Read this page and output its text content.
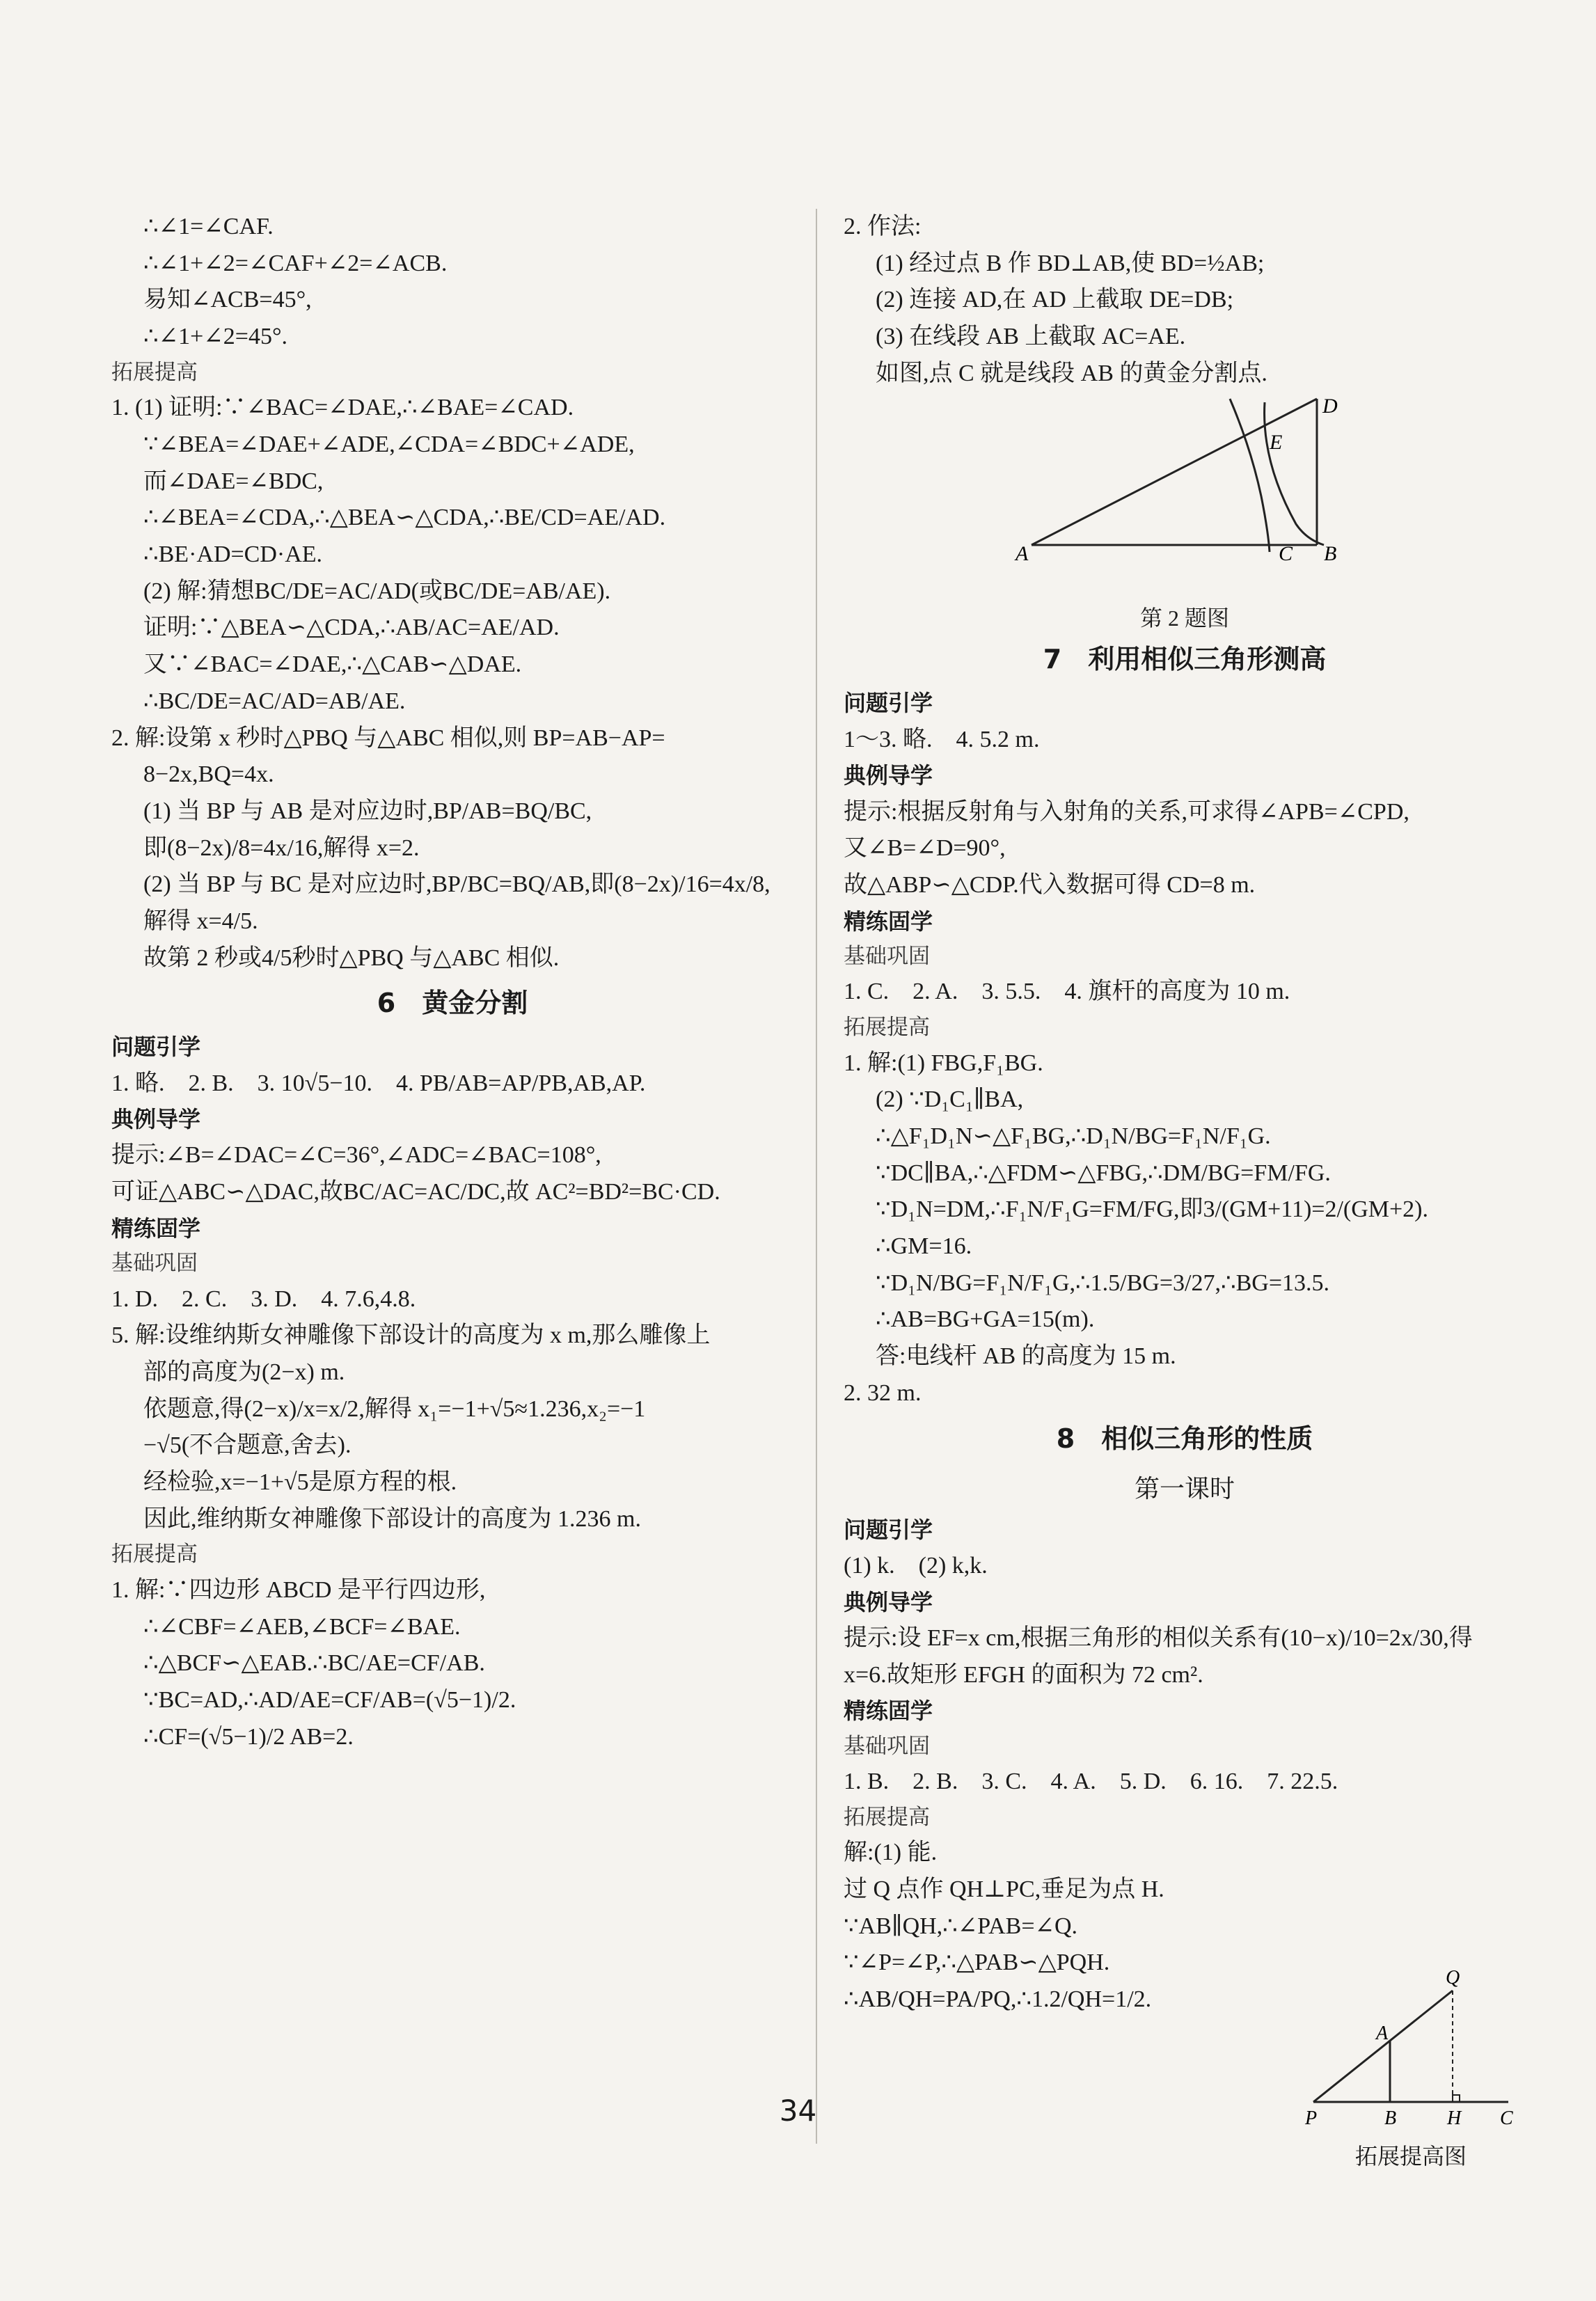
∴∠1=∠CAF.
∴∠1+∠2=∠CAF+∠2=∠ACB.
易知∠ACB=45°,
∴∠1+∠2=45°.
拓展提高
1. (1) 证明:∵∠BAC=∠DAE,∴∠BAE=∠CAD.
∵∠BEA=∠DAE+∠ADE,∠CDA=∠BDC+∠ADE,
而∠DAE=∠BDC,
∴∠BEA=∠CDA,∴△BEA∽△CDA,∴BE/CD=AE/AD.
∴BE·AD=CD·AE.
(2) 解:猜想BC/DE=AC/AD(或BC/DE=AB/AE).
证明:∵△BEA∽△CDA,∴AB/AC=AE/AD.
又∵∠BAC=∠DAE,∴△CAB∽△DAE.
∴BC/DE=AC/AD=AB/AE.
2. 解:设第 x 秒时△PBQ 与△ABC 相似,则 BP=AB−AP=
8−2x,BQ=4x.
(1) 当 BP 与 AB 是对应边时,BP/AB=BQ/BC,
即(8−2x)/8=4x/16,解得 x=2.
(2) 当 BP 与 BC 是对应边时,BP/BC=BQ/AB,即(8−2x)/16=4x/8,
解得 x=4/5.
故第 2 秒或4/5秒时△PBQ 与△ABC 相似.
6　黄金分割
问题引学
1. 略.　2. B.　3. 10√5−10.　4. PB/AB=AP/PB,AB,AP.
典例导学
提示:∠B=∠DAC=∠C=36°,∠ADC=∠BAC=108°,
可证△ABC∽△DAC,故BC/AC=AC/DC,故 AC²=BD²=BC·CD.
精练固学
基础巩固
1. D.　2. C.　3. D.　4. 7.6,4.8.
5. 解:设维纳斯女神雕像下部设计的高度为 x m,那么雕像上
部的高度为(2−x) m.
依题意,得(2−x)/x=x/2,解得 x₁=−1+√5≈1.236,x₂=−1
−√5(不合题意,舍去).
经检验,x=−1+√5是原方程的根.
因此,维纳斯女神雕像下部设计的高度为 1.236 m.
拓展提高
1. 解:∵四边形 ABCD 是平行四边形,
∴∠CBF=∠AEB,∠BCF=∠BAE.
∴△BCF∽△EAB.∴BC/AE=CF/AB.
∵BC=AD,∴AD/AE=CF/AB=(√5−1)/2.
∴CF=(√5−1)/2 AB=2.
2. 作法:
(1) 经过点 B 作 BD⊥AB,使 BD=½AB;
(2) 连接 AD,在 AD 上截取 DE=DB;
(3) 在线段 AB 上截取 AC=AE.
如图,点 C 就是线段 AB 的黄金分割点.
A	B
C
D
E
第 2 题图
7　利用相似三角形测高
问题引学
1～3. 略.　4. 5.2 m.
典例导学
提示:根据反射角与入射角的关系,可求得∠APB=∠CPD,
又∠B=∠D=90°,
故△ABP∽△CDP.代入数据可得 CD=8 m.
精练固学
基础巩固
1. C.　2. A.　3. 5.5.　4. 旗杆的高度为 10 m.
拓展提高
1. 解:(1) FBG,F₁BG.
(2) ∵D₁C₁∥BA,
∴△F₁D₁N∽△F₁BG,∴D₁N/BG=F₁N/F₁G.
∵DC∥BA,∴△FDM∽△FBG,∴DM/BG=FM/FG.
∵D₁N=DM,∴F₁N/F₁G=FM/FG,即3/(GM+11)=2/(GM+2).
∴GM=16.
∵D₁N/BG=F₁N/F₁G,∴1.5/BG=3/27,∴BG=13.5.
∴AB=BG+GA=15(m).
答:电线杆 AB 的高度为 15 m.
2. 32 m.
8　相似三角形的性质
第一课时
问题引学
(1) k.　(2) k,k.
典例导学
提示:设 EF=x cm,根据三角形的相似关系有(10−x)/10=2x/30,得
x=6.故矩形 EFGH 的面积为 72 cm².
精练固学
基础巩固
1. B.　2. B.　3. C.　4. A.　5. D.　6. 16.　7. 22.5.
拓展提高
解:(1) 能.
过 Q 点作 QH⊥PC,垂足为点 H.
∵AB∥QH,∴∠PAB=∠Q.
∵∠P=∠P,∴△PAB∽△PQH.
∴AB/QH=PA/PQ,∴1.2/QH=1/2.
Q
A
P	B	H C
拓展提高图
34
